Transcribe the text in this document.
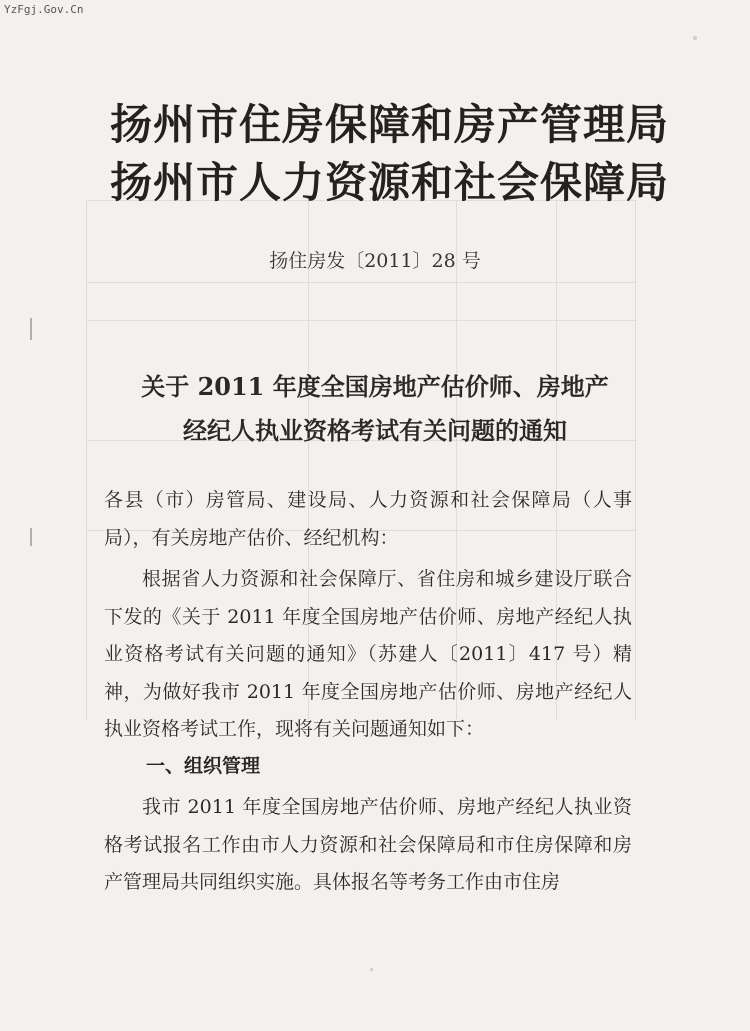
YzFgj.Gov.Cn
扬州市住房保障和房产管理局
扬州市人力资源和社会保障局
扬住房发〔2011〕28 号
关于 2011 年度全国房地产估价师、房地产
经纪人执业资格考试有关问题的通知
各县（市）房管局、建设局、人力资源和社会保障局（人事局），有关房地产估价、经纪机构：
根据省人力资源和社会保障厅、省住房和城乡建设厅联合下发的《关于 2011 年度全国房地产估价师、房地产经纪人执业资格考试有关问题的通知》（苏建人〔2011〕417 号）精神，为做好我市 2011 年度全国房地产估价师、房地产经纪人执业资格考试工作，现将有关问题通知如下：
一、组织管理
我市 2011 年度全国房地产估价师、房地产经纪人执业资格考试报名工作由市人力资源和社会保障局和市住房保障和房产管理局共同组织实施。具体报名等考务工作由市住房
